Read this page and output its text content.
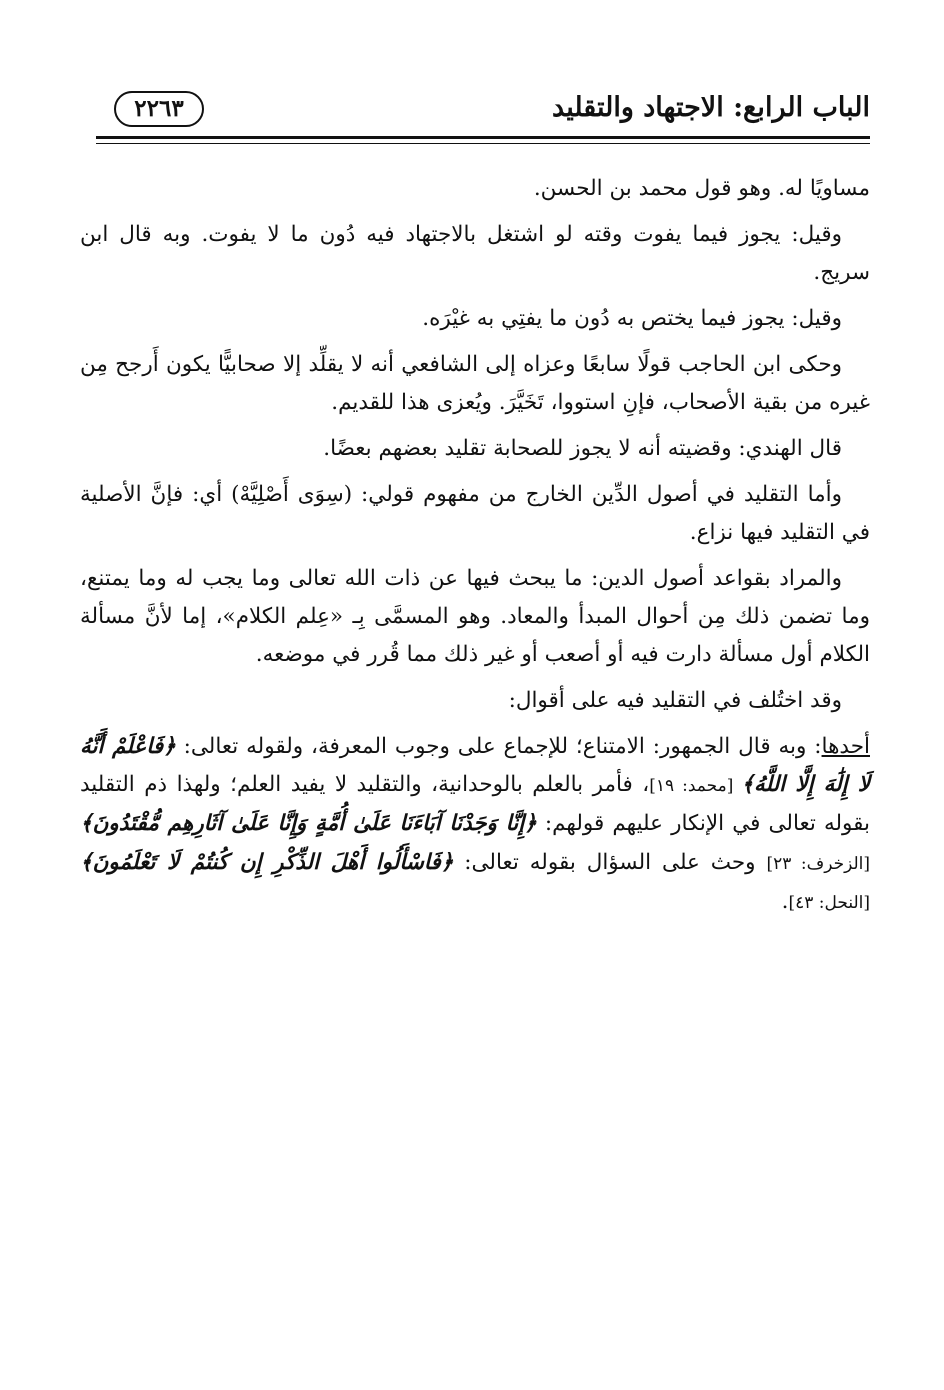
الباب الرابع: الاجتهاد والتقليد
٢٢٦٣

مساويًا له. وهو قول محمد بن الحسن.

وقيل: يجوز فيما يفوت وقته لو اشتغل بالاجتهاد فيه دُون ما لا يفوت. وبه قال ابن سريج.

وقيل: يجوز فيما يختص به دُون ما يفتِي به غيْرَه.

وحكى ابن الحاجب قولًا سابعًا وعزاه إلى الشافعي أنه لا يقلِّد إلا صحابيًّا يكون أَرجح مِن غيره من بقية الأصحاب، فإنِ استووا، تَخَيَّرَ. ويُعزى هذا للقديم.

قال الهندي: وقضيته أنه لا يجوز للصحابة تقليد بعضهم بعضًا.

وأما التقليد في أصول الدِّين الخارج من مفهوم قولي: (سِوَى أَصْلِيَّهْ) أي: فإنَّ الأصلية في التقليد فيها نزاع.

والمراد بقواعد أصول الدين: ما يبحث فيها عن ذات الله تعالى وما يجب له وما يمتنع، وما تضمن ذلك مِن أحوال المبدأ والمعاد. وهو المسمَّى بِـ «عِلم الكلام»، إما لأنَّ مسألة الكلام أول مسألة دارت فيه أو أصعب أو غير ذلك مما قُرر في موضعه.

وقد اختُلف في التقليد فيه على أقوال:

أحدها: وبه قال الجمهور: الامتناع؛ للإجماع على وجوب المعرفة، ولقوله تعالى: ﴿فَاعْلَمْ أَنَّهُ لَا إِلَٰهَ إِلَّا اللَّهُ﴾ [محمد: ١٩]، فأمر بالعلم بالوحدانية، والتقليد لا يفيد العلم؛ ولهذا ذم التقليد بقوله تعالى في الإنكار عليهم قولهم: ﴿إِنَّا وَجَدْنَا آبَاءَنَا عَلَىٰ أُمَّةٍ وَإِنَّا عَلَىٰ آثَارِهِم مُّقْتَدُونَ﴾ [الزخرف: ٢٣] وحث على السؤال بقوله تعالى: ﴿فَاسْأَلُوا أَهْلَ الذِّكْرِ إِن كُنتُمْ لَا تَعْلَمُونَ﴾ [النحل: ٤٣].
